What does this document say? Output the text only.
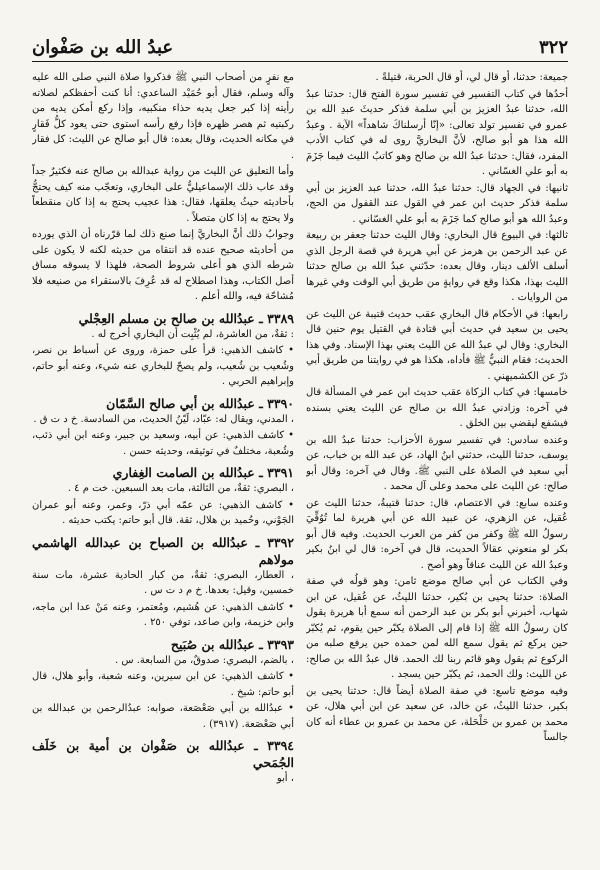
٣٢٢
عبدُ الله بن صَفْوان

جميعة: حدثنا، أو قال لي، أو قال الحربة، قتيلةً .

أحدُها في كتاب التفسير في تفسير سورة الفتح قال: حدثنا عبدُ الله، حدثنا عبدُ العزيز بن أبي سلمة فذكر حديثَ عبدِ الله بن عمرو في تفسير تولد تعالى: «إنّا أرسلناكَ شاهداً» الآية . وعبدُ الله هذا هو أبو صالح، لأنَّ البخاريَّ روى له في كتاب الأدب المفرد، فقال: حدثنا عبدُ الله بن صالح وهو كاتبُ الليث فيما جَزَمَ به أبو علي الغسّاني .

ثانيها: في الجهاد قال: حدثنا عبدُ الله، حدثنا عبد العزيز بن أبي سلمة فذكر حديث ابن عمر في القول عند القفول من الحج، وعبدُ الله هو أبو صالح كما جَزَمَ به أبو علي الغسّاني .

ثالثها: في البيوع قال البخاري: وقال الليث حدثنا جعفر بن ربيعة عن عبد الرحمن بن هرمز عن أبي هريرة في قصة الرجل الذي أسلف الألف دينار، وقال بعده: حدّثني عبدُ الله بن صالح حدثنا الليث بهذا، هكذا وقع في روايةٍ من طريق أبي الوقت وفي غيرها من الروايات .

رابعها: في الأحكام قال البخاري عقب حديث قتيبة عن الليث عن يحيى بن سعيد في حديث أبي قتادة في القتيل يوم حنين قال البخاري: وقال لي عبدُ الله عن الليث يعني بهذا الإسناد. وفي هذا الحديث: فقام النبيُّ ﷺ فأداه، هكذا هو في روايتنا من طريق أبي ذرّ عن الكشميهني .

خامسها: في كتاب الزكاة عقب حديث ابن عمر في المسألة قال في آخره: وزادني عبدُ الله بن صالح عن الليث يعني بسنده فيشفع ليقضي بين الخلق .

وعنده سادس: في تفسير سورة الأحزاب: حدثنا عبدُ الله بن يوسف، حدثنا الليث، حدثني ابنُ الهاد، عن عبد الله بن خباب، عن أبي سعيد في الصلاة على النبي ﷺ. وقال في آخره: وقال أبو صالح: عن الليث على محمد وعلى آل محمد .

وعنده سابع: في الاعتصام، قال: حدثنا قتيبةُ، حدثنا الليث عن عُقيل، عن الزهري، عن عبيد الله عن أبي هريرة لما تُوُفِّيَ رسولُ الله ﷺ وكفر من كفر من العرب الحديث. وفيه قال أبو بكر لو منعوني عقالاً الحديث، قال في آخره: قال لي ابنُ بكير وعبدُ الله عن الليث عناقاً وهو أصح .

وفي الكتاب عن أبي صالح موضع ثامن: وهو قولُه في صفة الصلاة: حدثنا يحيى بن بُكير، حدثنا الليثُ، عن عُقيل، عن ابن شهاب، أخبرني أبو بكر بن عبد الرحمن أنه سمع أبا هريرة يقول كان رسولُ الله ﷺ إذا قام إلى الصلاة يكبّر حين يقوم، ثم يُكبّر حين يركع ثم يقول سمع الله لمن حمده حين يرفع صلبه من الركوع ثم يقول وهو قائم ربنا لك الحمد. قال عبدُ الله بن صالح: عن الليث: ولك الحمد، ثم يكبّر حين يسجد .

وفيه موضع تاسع: في صفة الصلاة أيضاً قال: حدثنا يحيى بن بكير، حدثنا الليثُ، عن خالد، عن سعيد عن ابن أبي هلال، عن محمد بن عمرو بن حَلْحَلة، عن محمد بن عمرو بن عطاء أنه كان جالساً

مع نفرٍ من أصحاب النبي ﷺ فذكروا صلاة النبي صلى الله عليه وآله وسلم، فقال أبو حُمَيْد الساعدي: أنا كنت أحفظكم لصلاته رأيته إذا كبر جعل يديه حذاء منكبيه، وإذا ركع أمكن يديه من ركبتيه ثم هصر ظهره فإذا رفع رأسه استوى حتى يعود كلُّ فَقارٍ في مكانه الحديث، وقال بعده: قال أبو صالح عن الليث: كل فقار .

وأما التعليق عن الليث من رواية عبدالله بن صالح عنه فكثيرٌ جداً وقد عاب ذلك الإسماعيليُّ على البخاري، وتعجّب منه كيف يحتجُّ بأحاديثه حيثُ يعلقها، فقال: هذا عجيب يحتج به إذا كان منقطعاً ولا يحتج به إذا كان متصلاً .

وجوابُ ذلك أنَّ البخاريَّ إنما صنع ذلك لما قرّرناه أن الذي يورده من أحاديثه صحيح عنده قد انتقاه من حديثه لكنه لا يكون على شرطه الذي هو أعلى شروط الصحة، فلهذا لا يسوقه مساق أصل الكتاب، وهذا اصطلاح له قد عُرِفَ بالاستقراء من صنيعه فلا مُشاحّة فيه، والله أعلم .

٣٣٨٩ ـ عبدُالله بن صالح بن مسلم العِجْلي
: ثقةٌ، من العاشرة، لم يُثْبِت أن البخاري أخرج له .

• كاشف الذهبي: قرأ على حمزة، وروى عن أسباط بن نصر، وشُعيب بن شُعيب، ولم يصحّ للبخاري عنه شيء، وعنه أبو حاتم، وإبراهيم الحربي .

٣٣٩٠ ـ عبدُالله بن أبي صالح السَّمّان
، المدني، ويقال له: عبّاد، لَيّنُ الحديث، من السادسة. خ د ت ق .

• كاشف الذهبي: عن أبيه، وسعيد بن جبير، وعنه ابن أبي ذئب، وشُعبة، مختلفٌ في توثيقه، وحديثه حسن .

٣٣٩١ ـ عبدُالله بن الصامت الغِفاري
، البصري: ثقةٌ، من الثالثة، مات بعد السبعين. خت م ٤ .

• كاشف الذهبي: عن عمّه أبي ذرّ، وعمر، وعنه أبو عمران الجَوْني، وحُميد بن هلال، ثقة. قال أبو حاتم: يكتب حديثه .

٣٣٩٢ ـ عبدُالله بن الصباح بن عبدالله الهاشمي مولاهم
، العطار، البصري: ثقةٌ، من كبار الحادية عشرة، مات سنة خمسين، وقيل: بعدها. خ م د ت س .

• كاشف الذهبي: عن هُشيم، ومُعتمر، وعنه مَنْ عدا ابن ماجه، وابن خزيمة، وابن صاعد، توفي ٢٥٠ .

٣٣٩٣ ـ عبدُالله بن صُبَيح
، بالضم، البصري: صدوقٌ، من السابعة. س .

• كاشف الذهبي: عن ابن سيرين، وعنه شعبة، وأبو هلال، قال أبو حاتم: شيخ .

• عبدُالله بن أبي صَعْصَعة، صوابه: عبدُالرحمن بن عبدالله بن أبي صَعْصَعة. (٣٩١٧) .

٣٣٩٤ ـ عبدُالله بن صَفْوان بن أمية بن خَلَف الجُمَحي
، أبو
